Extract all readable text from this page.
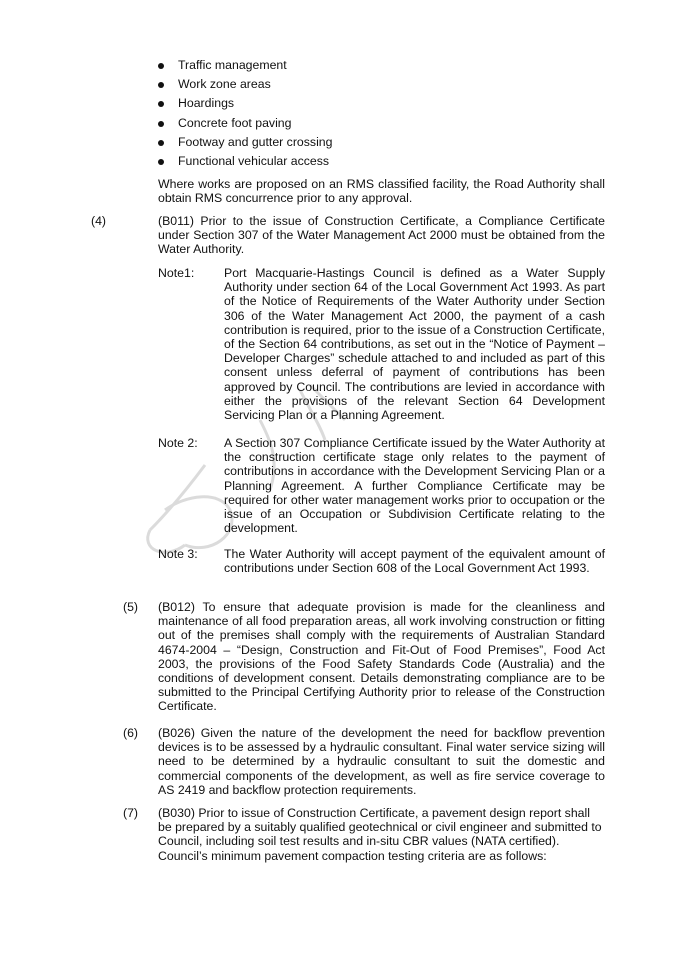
Traffic management
Work zone areas
Hoardings
Concrete foot paving
Footway and gutter crossing
Functional vehicular access
Where works are proposed on an RMS classified facility, the Road Authority shall obtain RMS concurrence prior to any approval.
(4)	(B011) Prior to the issue of Construction Certificate, a Compliance Certificate under Section 307 of the Water Management Act 2000 must be obtained from the Water Authority.
Note1: Port Macquarie-Hastings Council is defined as a Water Supply Authority under section 64 of the Local Government Act 1993. As part of the Notice of Requirements of the Water Authority under Section 306 of the Water Management Act 2000, the payment of a cash contribution is required, prior to the issue of a Construction Certificate, of the Section 64 contributions, as set out in the “Notice of Payment – Developer Charges” schedule attached to and included as part of this consent unless deferral of payment of contributions has been approved by Council. The contributions are levied in accordance with either the provisions of the relevant Section 64 Development Servicing Plan or a Planning Agreement.
Note 2: A Section 307 Compliance Certificate issued by the Water Authority at the construction certificate stage only relates to the payment of contributions in accordance with the Development Servicing Plan or a Planning Agreement. A further Compliance Certificate may be required for other water management works prior to occupation or the issue of an Occupation or Subdivision Certificate relating to the development.
Note 3: The Water Authority will accept payment of the equivalent amount of contributions under Section 608 of the Local Government Act 1993.
(5) (B012) To ensure that adequate provision is made for the cleanliness and maintenance of all food preparation areas, all work involving construction or fitting out of the premises shall comply with the requirements of Australian Standard 4674-2004 – “Design, Construction and Fit-Out of Food Premises”, Food Act 2003, the provisions of the Food Safety Standards Code (Australia) and the conditions of development consent. Details demonstrating compliance are to be submitted to the Principal Certifying Authority prior to release of the Construction Certificate.
(6) (B026) Given the nature of the development the need for backflow prevention devices is to be assessed by a hydraulic consultant. Final water service sizing will need to be determined by a hydraulic consultant to suit the domestic and commercial components of the development, as well as fire service coverage to AS 2419 and backflow protection requirements.
(7) (B030) Prior to issue of Construction Certificate, a pavement design report shall be prepared by a suitably qualified geotechnical or civil engineer and submitted to Council, including soil test results and in-situ CBR values (NATA certified). Council’s minimum pavement compaction testing criteria are as follows:
